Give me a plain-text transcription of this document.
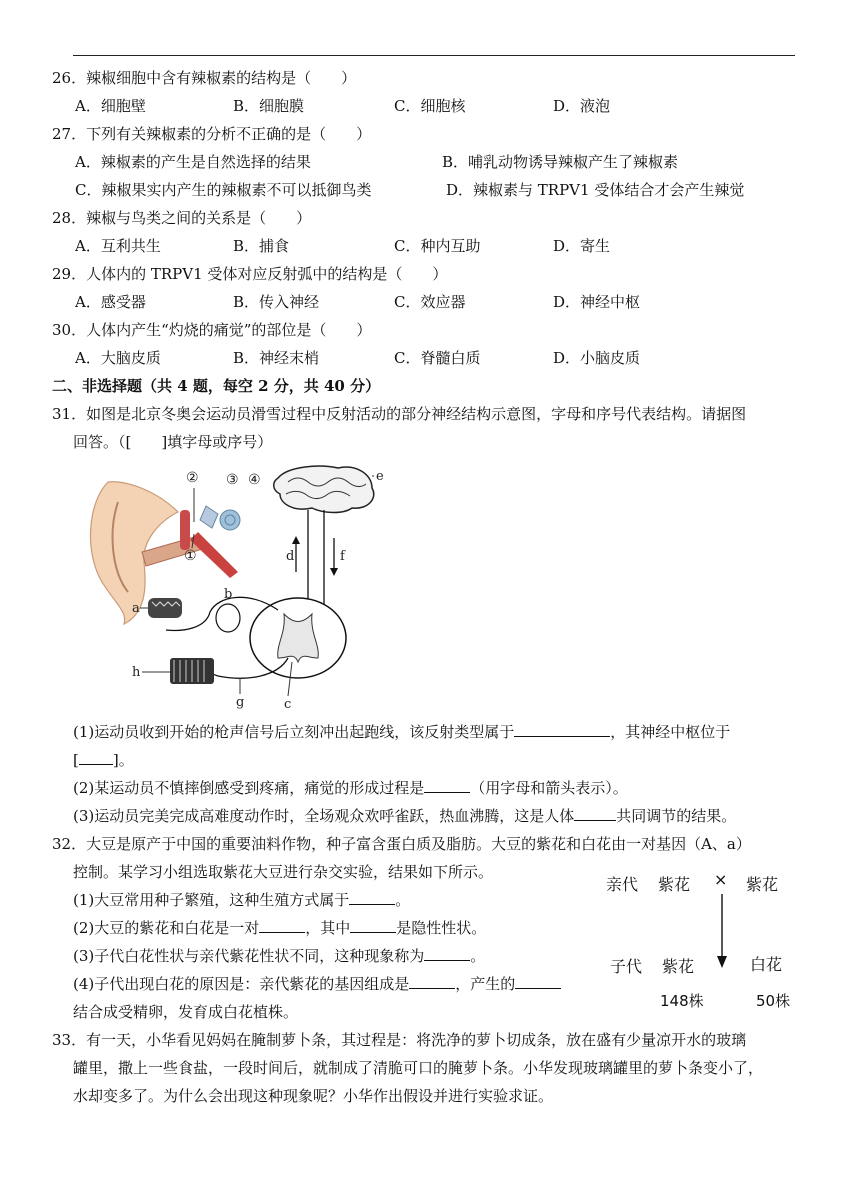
26．辣椒细胞中含有辣椒素的结构是（　　）
A．细胞壁	B．细胞膜	C．细胞核	D．液泡
27．下列有关辣椒素的分析不正确的是（　　）
A．辣椒素的产生是自然选择的结果	B．哺乳动物诱导辣椒产生了辣椒素
C．辣椒果实内产生的辣椒素不可以抵御鸟类	D．辣椒素与 TRPV1 受体结合才会产生辣觉
28．辣椒与鸟类之间的关系是（　　）
A．互利共生	B．捕食	C．种内互助	D．寄生
29．人体内的 TRPV1 受体对应反射弧中的结构是（　　）
A．感受器	B．传入神经	C．效应器	D．神经中枢
30．人体内产生“灼烧的痛觉”的部位是（　　）
A．大脑皮质	B．神经末梢	C．脊髓白质	D．小脑皮质
二、非选择题（共 4 题，每空 2 分，共 40 分）
31．如图是北京冬奥会运动员滑雪过程中反射活动的部分神经结构示意图，字母和序号代表结构。请据图
回答。（[　　]填字母或序号）
② ③ ④
①
e
d	f
a
h
b
g	c
(1)运动员收到开始的枪声信号后立刻冲出起跑线，该反射类型属于	，其神经中枢位于
[ ]。
(2)某运动员不慎摔倒感受到疼痛，痛觉的形成过程是	（用字母和箭头表示）。
(3)运动员完美完成高难度动作时，全场观众欢呼雀跃，热血沸腾，这是人体	共同调节的结果。
32．大豆是原产于中国的重要油料作物，种子富含蛋白质及脂肪。大豆的紫花和白花由一对基因（A、a）
控制。某学习小组选取紫花大豆进行杂交实验，结果如下所示。
(1)大豆常用种子繁殖，这种生殖方式属于	。
(2)大豆的紫花和白花是一对	，其中	是隐性性状。
(3)子代白花性状与亲代紫花性状不同，这种现象称为	。
(4)子代出现白花的原因是：亲代紫花的基因组成是	，产生的
结合成受精卵，发育成白花植株。
亲代 紫花 × 紫花
子代 紫花	白花
148株	50株
33．有一天，小华看见妈妈在腌制萝卜条，其过程是：将洗净的萝卜切成条，放在盛有少量凉开水的玻璃
罐里，撒上一些食盐，一段时间后，就制成了清脆可口的腌萝卜条。小华发现玻璃罐里的萝卜条变小了，
水却变多了。为什么会出现这种现象呢？小华作出假设并进行实验求证。
